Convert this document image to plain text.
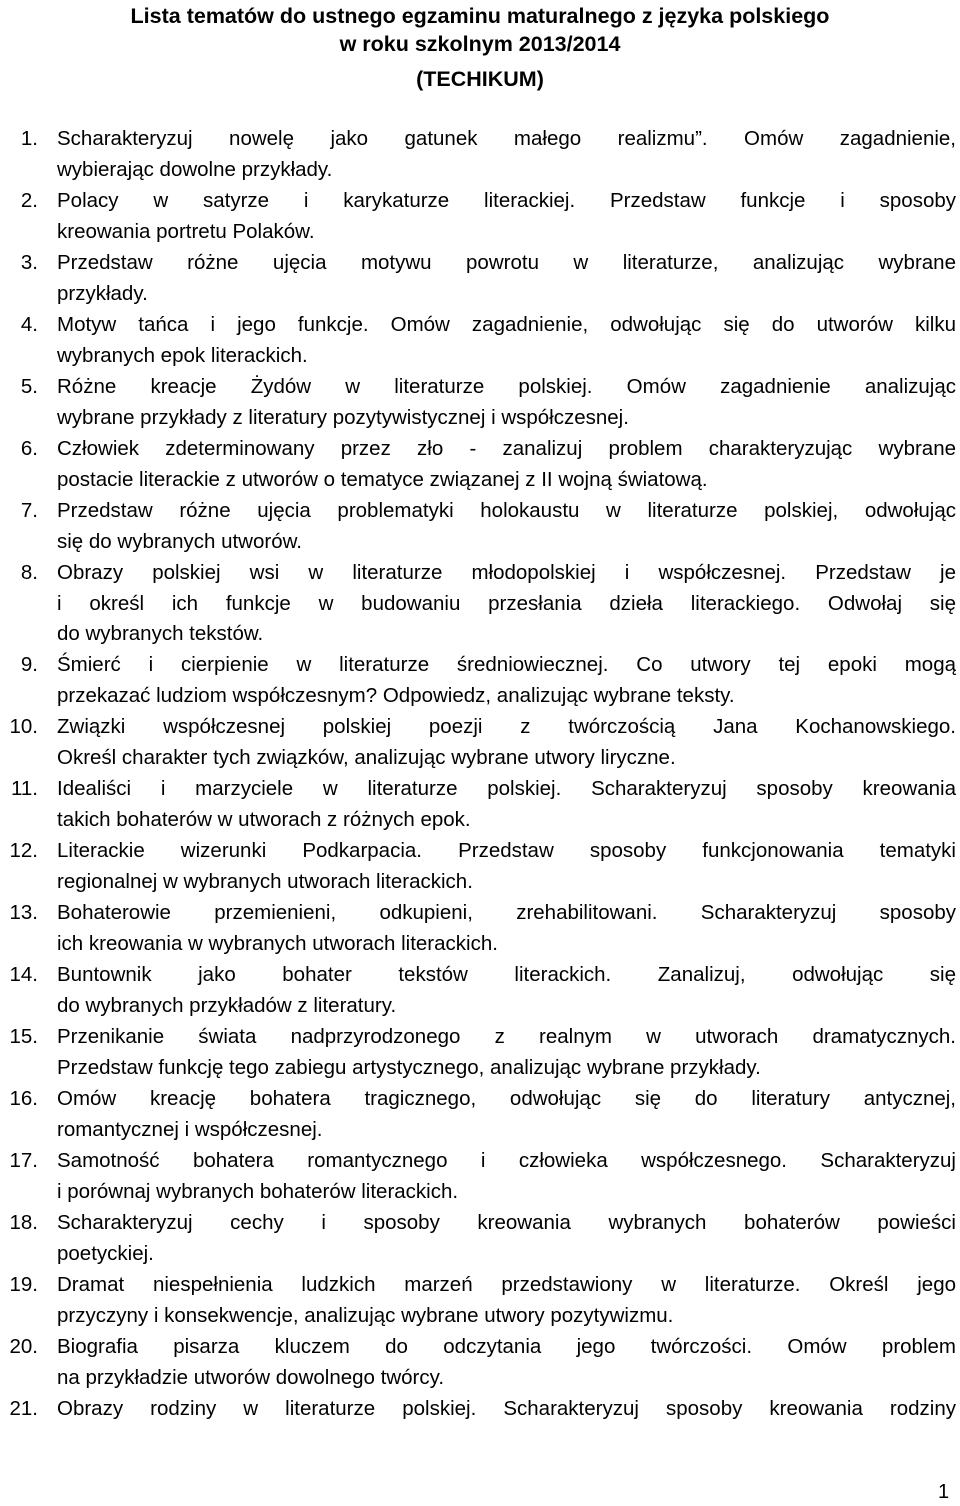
Lista tematów do ustnego egzaminu maturalnego z języka polskiego
w roku szkolnym 2013/2014
(TECHIKUM)
1. Scharakteryzuj nowelę jako gatunek małego realizmu”. Omów zagadnienie,
wybierając dowolne przykłady.
2. Polacy w satyrze i karykaturze literackiej. Przedstaw funkcje i sposoby
kreowania portretu Polaków.
3. Przedstaw różne ujęcia motywu powrotu w literaturze, analizując wybrane
przykłady.
4. Motyw tańca i jego funkcje. Omów zagadnienie, odwołując się do utworów kilku
wybranych epok literackich.
5. Różne kreacje Żydów w literaturze polskiej. Omów zagadnienie analizując
wybrane przykłady z literatury pozytywistycznej i współczesnej.
6. Człowiek zdeterminowany przez zło - zanalizuj problem charakteryzując wybrane
postacie literackie z utworów o tematyce związanej z II wojną światową.
7. Przedstaw różne ujęcia problematyki holokaustu w literaturze polskiej, odwołując
się do wybranych utworów.
8. Obrazy polskiej wsi w literaturze młodopolskiej i współczesnej. Przedstaw je
i określ ich funkcje w budowaniu przesłania dzieła literackiego. Odwołaj się
do wybranych tekstów.
9. Śmierć i cierpienie w literaturze średniowiecznej. Co utwory tej epoki mogą
przekazać ludziom współczesnym? Odpowiedz, analizując wybrane teksty.
10. Związki współczesnej polskiej poezji z twórczością Jana Kochanowskiego.
Określ charakter tych związków, analizując wybrane utwory liryczne.
11. Idealiści i marzyciele w literaturze polskiej. Scharakteryzuj sposoby kreowania
takich bohaterów w utworach z różnych epok.
12. Literackie wizerunki Podkarpacia. Przedstaw sposoby funkcjonowania tematyki
regionalnej w wybranych utworach literackich.
13. Bohaterowie przemienieni, odkupieni, zrehabilitowani. Scharakteryzuj sposoby
ich kreowania w wybranych utworach literackich.
14. Buntownik jako bohater tekstów literackich. Zanalizuj, odwołując się
do wybranych przykładów z literatury.
15. Przenikanie świata nadprzyrodzonego z realnym w utworach dramatycznych.
Przedstaw funkcję tego zabiegu artystycznego, analizując wybrane przykłady.
16. Omów kreację bohatera tragicznego, odwołując się do literatury antycznej,
romantycznej i współczesnej.
17. Samotność bohatera romantycznego i człowieka współczesnego. Scharakteryzuj
i porównaj wybranych bohaterów literackich.
18. Scharakteryzuj cechy i sposoby kreowania wybranych bohaterów powieści
poetyckiej.
19. Dramat niespełnienia ludzkich marzeń przedstawiony w literaturze. Określ jego
przyczyny i konsekwencje, analizując wybrane utwory pozytywizmu.
20. Biografia pisarza kluczem do odczytania jego twórczości. Omów problem
na przykładzie utworów dowolnego twórcy.
21. Obrazy rodziny w literaturze polskiej. Scharakteryzuj sposoby kreowania rodziny
1
